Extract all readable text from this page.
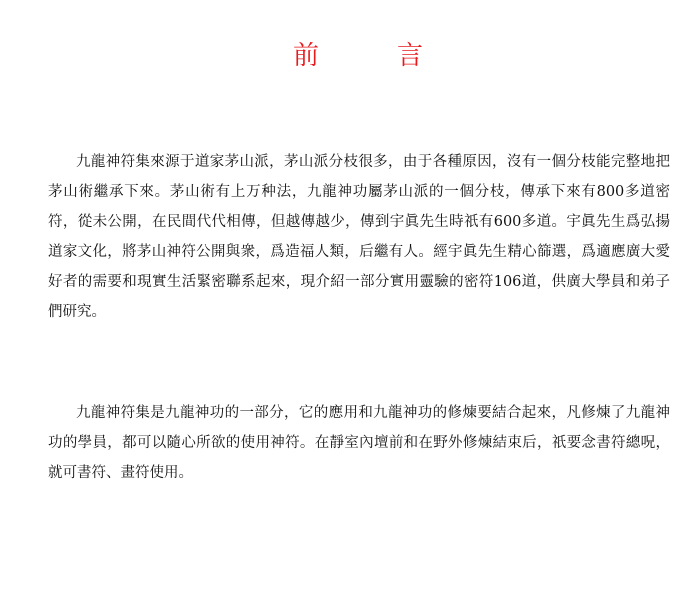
前　言

九龍神符集來源于道家茅山派，茅山派分枝很多，由于各種原因，沒有一個分枝能完整地把茅山術繼承下來。茅山術有上万种法，九龍神功屬茅山派的一個分枝，傳承下來有800多道密符，從未公開，在民間代代相傳，但越傳越少，傳到宇眞先生時祇有600多道。宇眞先生爲弘揚道家文化，將茅山神符公開與衆，爲造福人類，后繼有人。經宇眞先生精心篩選，爲適應廣大愛好者的需要和現實生活緊密聯系起來，現介紹一部分實用靈驗的密符106道，供廣大學員和弟子們研究。

九龍神符集是九龍神功的一部分，它的應用和九龍神功的修煉要結合起來，凡修煉了九龍神功的學員，都可以隨心所欲的使用神符。在靜室內壇前和在野外修煉結束后，祇要念書符總呪，就可書符、畫符使用。
